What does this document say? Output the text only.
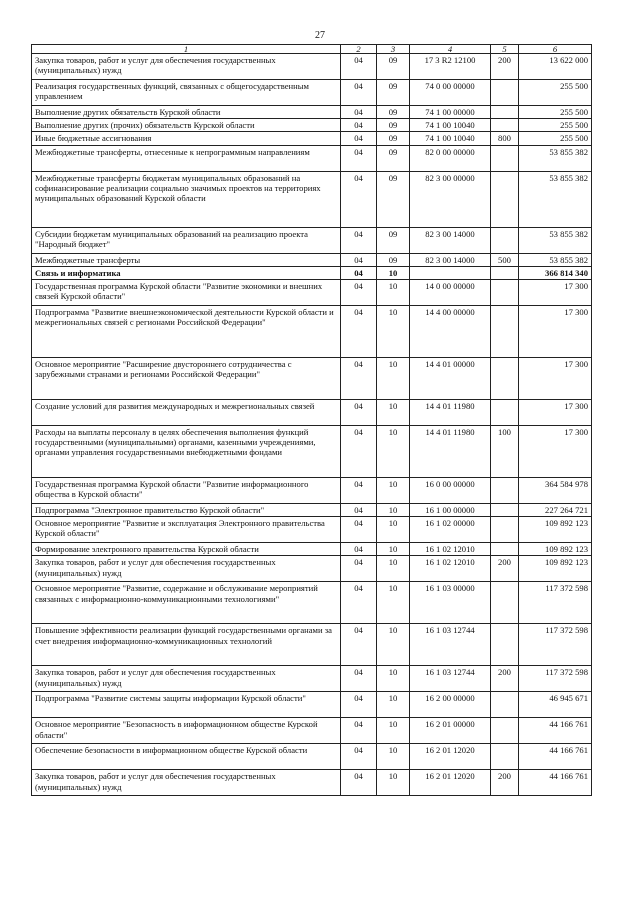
27
1	2	3	4	5	6
Закупка товаров, работ и услуг для обеспечения государственных (муниципальных) нужд	04	09	17 3 R2 12100	200	13 622 000
Реализация государственных функций, связанных с общегосударственным управлением	04	09	74 0 00 00000		255 500
Выполнение других обязательств Курской области	04	09	74 1 00 00000		255 500
Выполнение других (прочих) обязательств Курской области	04	09	74 1 00 10040		255 500
Иные бюджетные ассигнования	04	09	74 1 00 10040	800	255 500
Межбюджетные трансферты, отнесенные к непрограммным направлениям	04	09	82 0 00 00000		53 855 382
Межбюджетные трансферты бюджетам муниципальных образований на софинансирование реализации социально значимых проектов на территориях муниципальных образований Курской области	04	09	82 3 00 00000		53 855 382
Субсидии бюджетам муниципальных образований на реализацию проекта "Народный бюджет"	04	09	82 3 00 14000		53 855 382
Межбюджетные трансферты	04	09	82 3 00 14000	500	53 855 382
Связь и информатика	04	10			366 814 340
Государственная программа Курской области "Развитие экономики и внешних связей Курской области"	04	10	14 0 00 00000		17 300
Подпрограмма "Развитие внешнеэкономической деятельности Курской области и межрегиональных связей с регионами Российской Федерации"	04	10	14 4 00 00000		17 300
Основное мероприятие "Расширение двустороннего сотрудничества с зарубежными странами и регионами Российской Федерации"	04	10	14 4 01 00000		17 300
Создание условий для развития международных и межрегиональных связей	04	10	14 4 01 11980		17 300
Расходы на выплаты персоналу в целях обеспечения выполнения функций государственными (муниципальными) органами, казенными учреждениями, органами управления государственными внебюджетными фондами	04	10	14 4 01 11980	100	17 300
Государственная программа Курской области "Развитие информационного общества в Курской области"	04	10	16 0 00 00000		364 584 978
Подпрограмма "Электронное правительство Курской области"	04	10	16 1 00 00000		227 264 721
Основное мероприятие "Развитие и эксплуатация Электронного правительства Курской области"	04	10	16 1 02 00000		109 892 123
Формирование электронного правительства Курской области	04	10	16 1 02 12010		109 892 123
Закупка товаров, работ и услуг для обеспечения государственных (муниципальных) нужд	04	10	16 1 02 12010	200	109 892 123
Основное мероприятие "Развитие, содержание и обслуживание мероприятий связанных с информационно-коммуникационными технологиями"	04	10	16 1 03 00000		117 372 598
Повышение эффективности реализации функций государственными органами за счет внедрения информационно-коммуникационных технологий	04	10	16 1 03 12744		117 372 598
Закупка товаров, работ и услуг для обеспечения государственных (муниципальных) нужд	04	10	16 1 03 12744	200	117 372 598
Подпрограмма "Развитие системы защиты информации Курской области"	04	10	16 2 00 00000		46 945 671
Основное мероприятие "Безопасность в информационном обществе Курской области"	04	10	16 2 01 00000		44 166 761
Обеспечение безопасности в информационном обществе Курской области	04	10	16 2 01 12020		44 166 761
Закупка товаров, работ и услуг для обеспечения государственных (муниципальных) нужд	04	10	16 2 01 12020	200	44 166 761
